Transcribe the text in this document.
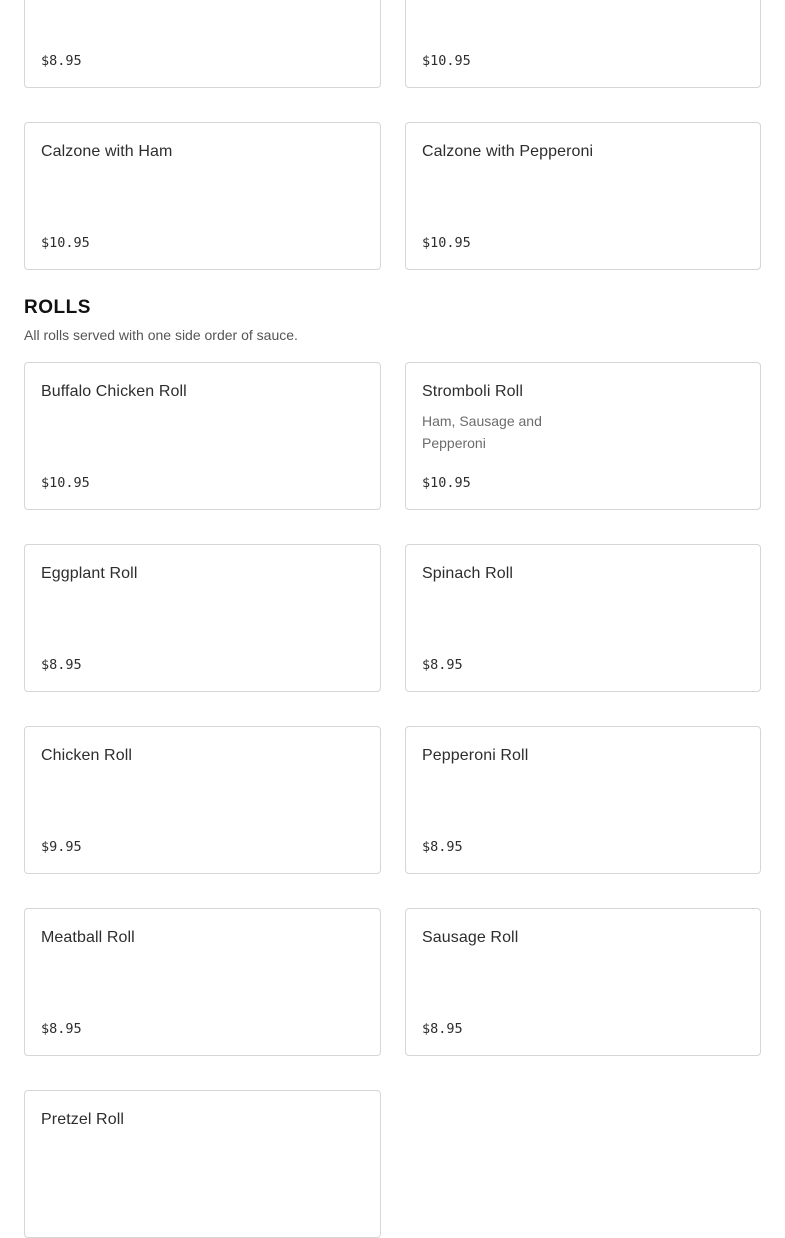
$8.95	$10.95
Calzone with Ham
$10.95
Calzone with Pepperoni
$10.95
ROLLS

All rolls served with one side order of sauce.

Buffalo Chicken Roll
$10.95
Stromboli Roll
Ham, Sausage and Pepperoni
$10.95
Eggplant Roll
$8.95
Spinach Roll
$8.95
Chicken Roll
$9.95
Pepperoni Roll
$8.95
Meatball Roll
$8.95
Sausage Roll
$8.95
Pretzel Roll
